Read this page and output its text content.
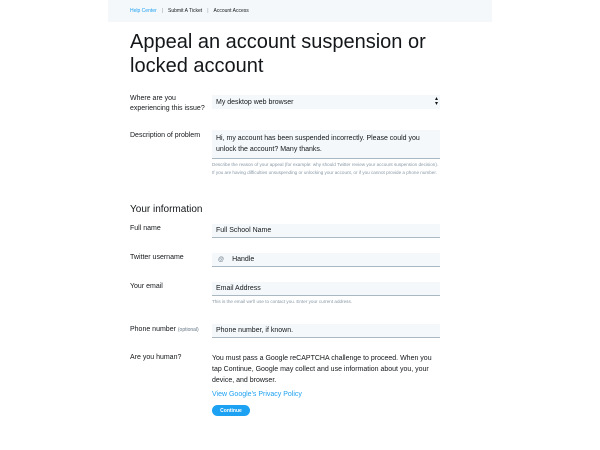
Help Center | Submit A Ticket | Account Access
Appeal an account suspension or locked account
Where are you experiencing this issue?
My desktop web browser	▴
▾
Description of problem	Hi, my account has been suspended incorrectly. Please could you unlock the account? Many thanks.
Describe the reason of your appeal (for example: why should Twitter review your account suspension decision). If you are having difficulties unsuspending or unlocking your account, or if you cannot provide a phone number.
Your information
Full name	Full School Name
Twitter username	@ Handle
Your email	Email Address
This is the email we'll use to contact you. Enter your current address.
Phone number (optional)	Phone number, if known.
Are you human?	You must pass a Google reCAPTCHA challenge to proceed. When you tap Continue, Google may collect and use information about you, your device, and browser.
View Google's Privacy Policy
Continue
